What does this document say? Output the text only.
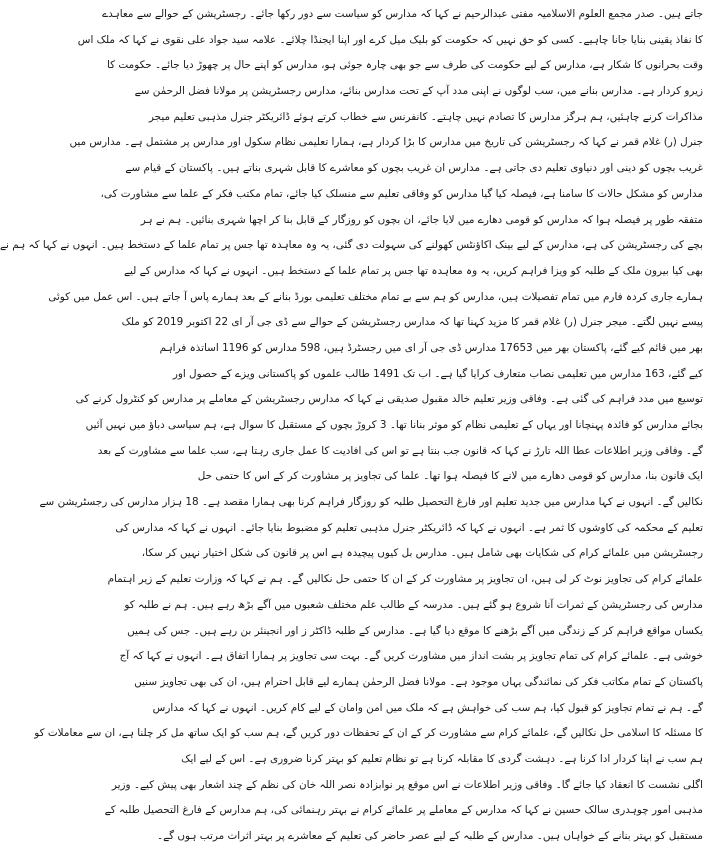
جاتے ہیں۔ صدر مجمع العلوم الاسلامیہ مفتی عبدالرحیم نے کہا کہ مدارس کو سیاست سے دور رکھا جائے۔ رجسٹریشن کے حوالے سے معاہدے
کا نفاذ یقینی بنایا جانا چاہیے۔ کسی کو حق نہیں کہ حکومت کو بلیک میل کرے اور اپنا ایجنڈا چلائے۔ علامہ سید جواد علی نقوی نے کہا کہ ملک اس
وقت بحرانوں کا شکار ہے، مدارس کے لیے حکومت کی طرف سے جو بھی چارہ جوئی ہو، مدارس کو اپنے حال پر چھوڑ دیا جائے۔ حکومت کا
زیرو کردار ہے۔ مدارس بنانے میں، سب لوگوں نے اپنی مدد آپ کے تحت مدارس بنائے، مدارس رجسٹریشن پر مولانا فضل الرحمٰن سے
مذاکرات کرنے چاہئیں، ہم ہرگز مدارس کا تصادم نہیں چاہتے۔ کانفرنس سے خطاب کرتے ہوئے ڈائریکٹر جنرل مذہبی تعلیم میجر
جنرل (ر) غلام قمر نے کہا کہ رجسٹریشن کی تاریخ میں مدارس کا بڑا کردار ہے، ہمارا تعلیمی نظام سکول اور مدارس پر مشتمل ہے۔ مدارس میں
غریب بچوں کو دینی اور دنیاوی تعلیم دی جاتی ہے۔ مدارس ان غریب بچوں کو معاشرے کا قابل شہری بناتے ہیں۔ پاکستان کے قیام سے
مدارس کو مشکل حالات کا سامنا ہے، فیصلہ کیا گیا مدارس کو وفاقی تعلیم سے منسلک کیا جائے، تمام مکتب فکر کے علما سے مشاورت کی،
متفقہ طور پر فیصلہ ہوا کہ مدارس کو قومی دھارے میں لایا جائے، ان بچوں کو روزگار کے قابل بنا کر اچھا شہری بنائیں۔ ہم نے ہر
بچے کی رجسٹریشن کی ہے، مدارس کے لیے بینک اکاؤنٹس کھولنے کی سہولت دی گئی، یہ وہ معاہدہ تھا جس پر تمام علما کے دستخط ہیں۔ انہوں نے کہا کہ ہم نے
بھی کیا بیرون ملک کے طلبہ کو ویزا فراہم کریں، یہ وہ معاہدہ تھا جس پر تمام علما کے دستخط ہیں۔ انہوں نے کہا کہ مدارس کے لیے
ہمارے جاری کردہ فارم میں تمام تفصیلات ہیں، مدارس کو ہم سے بے تمام مختلف تعلیمی بورڈ بنانے کے بعد ہمارے پاس آ جاتے ہیں۔ اس عمل میں کوئی
پیسے نہیں لگتے۔ میجر جنرل (ر) غلام قمر کا مزید کہنا تھا کہ مدارس رجسٹریشن کے حوالے سے ڈی جی آر ای 22 اکتوبر 2019 کو ملک
بھر میں قائم کیے گئے، پاکستان بھر میں 17653 مدارس ڈی جی آر ای میں رجسٹرڈ ہیں، 598 مدارس کو 1196 اساتذہ فراہم
کیے گئے، 163 مدارس میں تعلیمی نصاب متعارف کرایا گیا ہے۔ اب تک 1491 طالب علموں کو پاکستانی ویزے کے حصول اور
توسیع میں مدد فراہم کی گئی ہے۔ وفاقی وزیر تعلیم خالد مقبول صدیقی نے کہا کہ مدارس رجسٹریشن کے معاملے پر مدارس کو کنٹرول کرنے کی
بجائے مدارس کو فائدہ پہنچانا اور یہاں کے تعلیمی نظام کو موثر بنانا تھا۔ 3 کروڑ بچوں کے مستقبل کا سوال ہے، ہم سیاسی دباؤ میں نہیں آئیں
گے۔ وفاقی وزیر اطلاعات عطا اللہ تارڑ نے کہا کہ قانون جب بنتا ہے تو اس کی افادیت کا عمل جاری رہتا ہے، سب علما سے مشاورت کے بعد
ایک قانون بنا، مدارس کو قومی دھارے میں لانے کا فیصلہ ہوا تھا۔ علما کی تجاویز پر مشاورت کر کے اس کا حتمی حل
نکالیں گے۔ انہوں نے کہا مدارس میں جدید تعلیم اور فارغ التحصیل طلبہ کو روزگار فراہم کرنا بھی ہمارا مقصد ہے۔ 18 ہزار مدارس کی رجسٹریشن سے
تعلیم کے محکمہ کی کاوشوں کا ثمر ہے۔ انہوں نے کہا کہ ڈائریکٹر جنرل مذہبی تعلیم کو مضبوط بنایا جائے۔ انہوں نے کہا کہ مدارس کی
رجسٹریشن میں علمائے کرام کی شکایات بھی شامل ہیں۔ مدارس بل کیوں پیچیدہ ہے اس پر قانون کی شکل اختیار نہیں کر سکا،
علمائے کرام کی تجاویز نوٹ کر لی ہیں، ان تجاویز پر مشاورت کر کے ان کا حتمی حل نکالیں گے۔ ہم نے کہا کہ وزارت تعلیم کے زیر اہتمام
مدارس کی رجسٹریشن کے ثمرات آنا شروع ہو گئے ہیں۔ مدرسہ کے طالب علم مختلف شعبوں میں آگے بڑھ رہے ہیں۔ ہم نے طلبہ کو
یکساں مواقع فراہم کر کے زندگی میں آگے بڑھنے کا موقع دیا گیا ہے۔ مدارس کے طلبہ ڈاکٹر ز اور انجینئر بن رہے ہیں۔ جس کی ہمیں
خوشی ہے۔ علمائے کرام کی تمام تجاویز پر بشت انداز میں مشاورت کریں گے۔ بہت سی تجاویز پر ہمارا اتفاق ہے۔ انہوں نے کہا کہ آج
پاکستان کے تمام مکاتب فکر کی نمائندگی یہاں موجود ہے۔ مولانا فضل الرحمٰن ہمارے لیے قابل احترام ہیں، ان کی بھی تجاویز سنیں
گے۔ ہم نے تمام تجاویز کو قبول کیا، ہم سب کی خواہش ہے کہ ملک میں امن وامان کے لیے کام کریں۔ انہوں نے کہا کہ مدارس
کا مسئلہ کا اسلامی حل نکالیں گے، علمائے کرام سے مشاورت کر کے ان کے تحفظات دور کریں گے، ہم سب کو ایک ساتھ مل کر چلنا ہے، ان سے معاملات کو
ہم سب نے اپنا کردار ادا کرنا ہے۔ دہشت گردی کا مقابلہ کرنا ہے تو نظام تعلیم کو بہتر کرنا ضروری ہے۔ اس کے لیے ایک
اگلی نشست کا انعقاد کیا جائے گا۔ وفاقی وزیر اطلاعات نے اس موقع پر نوابزادہ نصر اللہ خان کی نظم کے چند اشعار بھی پیش کیے۔ وزیر
مذہبی امور چوہدری سالک حسین نے کہا کہ مدارس کے معاملے پر علمائے کرام نے بہتر رہنمائی کی، ہم مدارس کے فارغ التحصیل طلبہ کے
مستقبل کو بہتر بنانے کے خواہاں ہیں۔ مدارس کے طلبہ کے لیے عصر حاضر کی تعلیم کے معاشرے پر بہتر اثرات مرتب ہوں گے۔
